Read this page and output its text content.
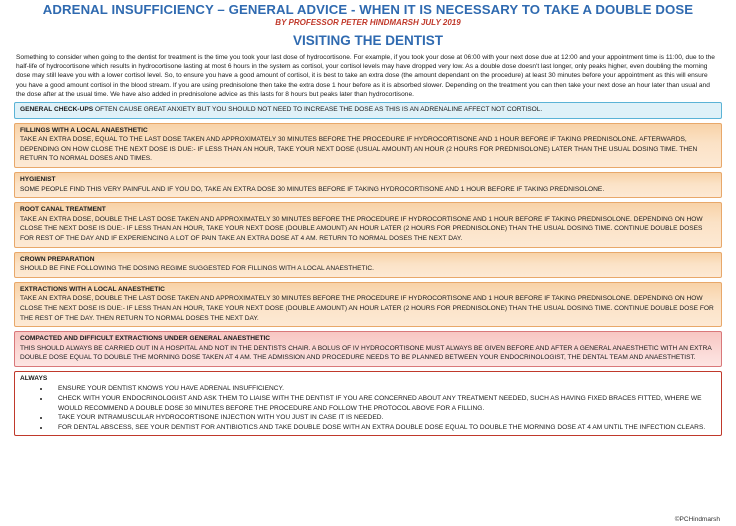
ADRENAL INSUFFICIENCY – GENERAL ADVICE - WHEN IT IS NECESSARY TO TAKE A DOUBLE DOSE
BY PROFESSOR PETER HINDMARSH JULY 2019
VISITING THE DENTIST
Something to consider when going to the dentist for treatment is the time you took your last dose of hydrocortisone. For example, if you took your dose at 06:00 with your next dose due at 12:00 and your appointment time is 11:00, due to the half-life of hydrocortisone which results in hydrocortisone lasting at most 6 hours in the system as cortisol, your cortisol levels may have dropped very low. As a double dose doesn't last longer, only peaks higher, even doubling the morning dose may still leave you with a lower cortisol level. So, to ensure you have a good amount of cortisol, it is best to take an extra dose (the amount dependant on the procedure) at least 30 minutes before your appointment as this will ensure you have a good amount cortisol in the blood stream. If you are using prednisolone then take the extra dose 1 hour before as it is absorbed slower. Depending on the treatment you can then take your next dose an hour later than usual and the dose after at the usual time. We have also added in prednisolone advice as this lasts for 8 hours but peaks later than hydrocortisone.
GENERAL CHECK-UPS OFTEN CAUSE GREAT ANXIETY BUT YOU SHOULD NOT NEED TO INCREASE THE DOSE AS THIS IS AN ADRENALINE AFFECT NOT CORTISOL.
FILLINGS WITH A LOCAL ANAESTHETIC
TAKE AN EXTRA DOSE, EQUAL TO THE LAST DOSE TAKEN AND APPROXIMATELY 30 MINUTES BEFORE THE PROCEDURE IF HYDROCORTISONE AND 1 HOUR BEFORE IF TAKING PREDNISOLONE. AFTERWARDS, DEPENDING ON HOW CLOSE THE NEXT DOSE IS DUE:- IF LESS THAN AN HOUR, TAKE YOUR NEXT DOSE (USUAL AMOUNT) AN HOUR (2 HOURS FOR PREDNISOLONE) LATER THAN THE USUAL DOSING TIME. THEN RETURN TO NORMAL DOSES AND TIMES.
HYGIENIST
SOME PEOPLE FIND THIS VERY PAINFUL AND IF YOU DO, TAKE AN EXTRA DOSE 30 MINUTES BEFORE IF TAKING HYDROCORTISONE AND 1 HOUR BEFORE IF TAKING PREDNISOLONE.
ROOT CANAL TREATMENT
TAKE AN EXTRA DOSE, DOUBLE THE LAST DOSE TAKEN AND APPROXIMATELY 30 MINUTES BEFORE THE PROCEDURE IF HYDROCORTISONE AND 1 HOUR BEFORE IF TAKING PREDNISOLONE. DEPENDING ON HOW CLOSE THE NEXT DOSE IS DUE:- IF LESS THAN AN HOUR, TAKE YOUR NEXT DOSE (DOUBLE AMOUNT) AN HOUR LATER (2 HOURS FOR PREDNISOLONE) THAN THE USUAL DOSING TIME. CONTINUE DOUBLE DOSES FOR REST OF THE DAY AND IF EXPERIENCING A LOT OF PAIN TAKE AN EXTRA DOSE AT 4 AM. RETURN TO NORMAL DOSES THE NEXT DAY.
CROWN PREPARATION
SHOULD BE FINE FOLLOWING THE DOSING REGIME SUGGESTED FOR FILLINGS WITH A LOCAL ANAESTHETIC.
EXTRACTIONS WITH A LOCAL ANAESTHETIC
TAKE AN EXTRA DOSE, DOUBLE THE LAST DOSE TAKEN AND APPROXIMATELY 30 MINUTES BEFORE THE PROCEDURE IF HYDROCORTISONE AND 1 HOUR BEFORE IF TAKING PREDNISOLONE. DEPENDING ON HOW CLOSE THE NEXT DOSE IS DUE:- IF LESS THAN AN HOUR, TAKE YOUR NEXT DOSE (DOUBLE AMOUNT) AN HOUR LATER (2 HOURS FOR PREDNISOLONE) THAN THE USUAL DOSING TIME. CONTINUE DOUBLE DOSE FOR THE REST OF THE DAY. THEN RETURN TO NORMAL DOSES THE NEXT DAY.
COMPACTED AND DIFFICULT EXTRACTIONS UNDER GENERAL ANAESTHETIC
THIS SHOULD ALWAYS BE CARRIED OUT IN A HOSPITAL AND NOT IN THE DENTISTS CHAIR. A BOLUS OF IV HYDROCORTISONE MUST ALWAYS BE GIVEN BEFORE AND AFTER A GENERAL ANAESTHETIC WITH AN EXTRA DOUBLE DOSE EQUAL TO DOUBLE THE MORNING DOSE TAKEN AT 4 AM. THE ADMISSION AND PROCEDURE NEEDS TO BE PLANNED BETWEEN YOUR ENDOCRINOLOGIST, THE DENTAL TEAM AND ANAESTHETIST.
ALWAYS
• ENSURE YOUR DENTIST KNOWS YOU HAVE ADRENAL INSUFFICIENCY.
• CHECK WITH YOUR ENDOCRINOLOGIST AND ASK THEM TO LIAISE WITH THE DENTIST IF YOU ARE CONCERNED ABOUT ANY TREATMENT NEEDED, SUCH AS HAVING FIXED BRACES FITTED, WHERE WE WOULD RECOMMEND A DOUBLE DOSE 30 MINUTES BEFORE THE PROCEDURE AND FOLLOW THE PROTOCOL ABOVE FOR A FILLING.
• TAKE YOUR INTRAMUSCULAR HYDROCORTISONE INJECTION WITH YOU JUST IN CASE IT IS NEEDED.
• FOR DENTAL ABSCESS, SEE YOUR DENTIST FOR ANTIBIOTICS AND TAKE DOUBLE DOSE WITH AN EXTRA DOUBLE DOSE EQUAL TO DOUBLE THE MORNING DOSE AT 4 AM UNTIL THE INFECTION CLEARS.
©PCHindmarsh
